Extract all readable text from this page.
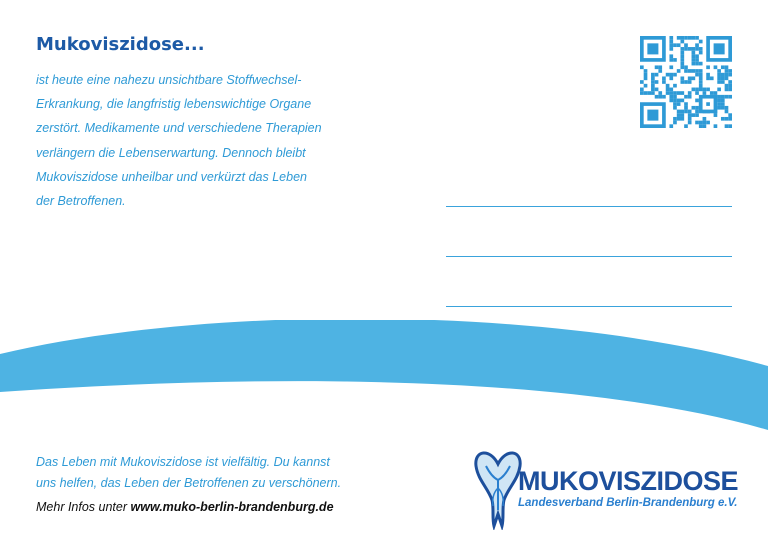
Mukoviszidose...
ist heute eine nahezu unsichtbare Stoffwechsel-
Erkrankung, die langfristig lebenswichtige Organe
zerstört. Medikamente und verschiedene Therapien
verlängern die Lebenserwartung. Dennoch bleibt
Mukoviszidose unheilbar und verkürzt das Leben
der Betroffenen.
Das Leben mit Mukoviszidose ist vielfältig. Du kannst
uns helfen, das Leben der Betroffenen zu verschönern.
Mehr Infos unter www.muko-berlin-brandenburg.de
MUKOVISZIDOSE
Landesverband Berlin-Brandenburg e.V.
